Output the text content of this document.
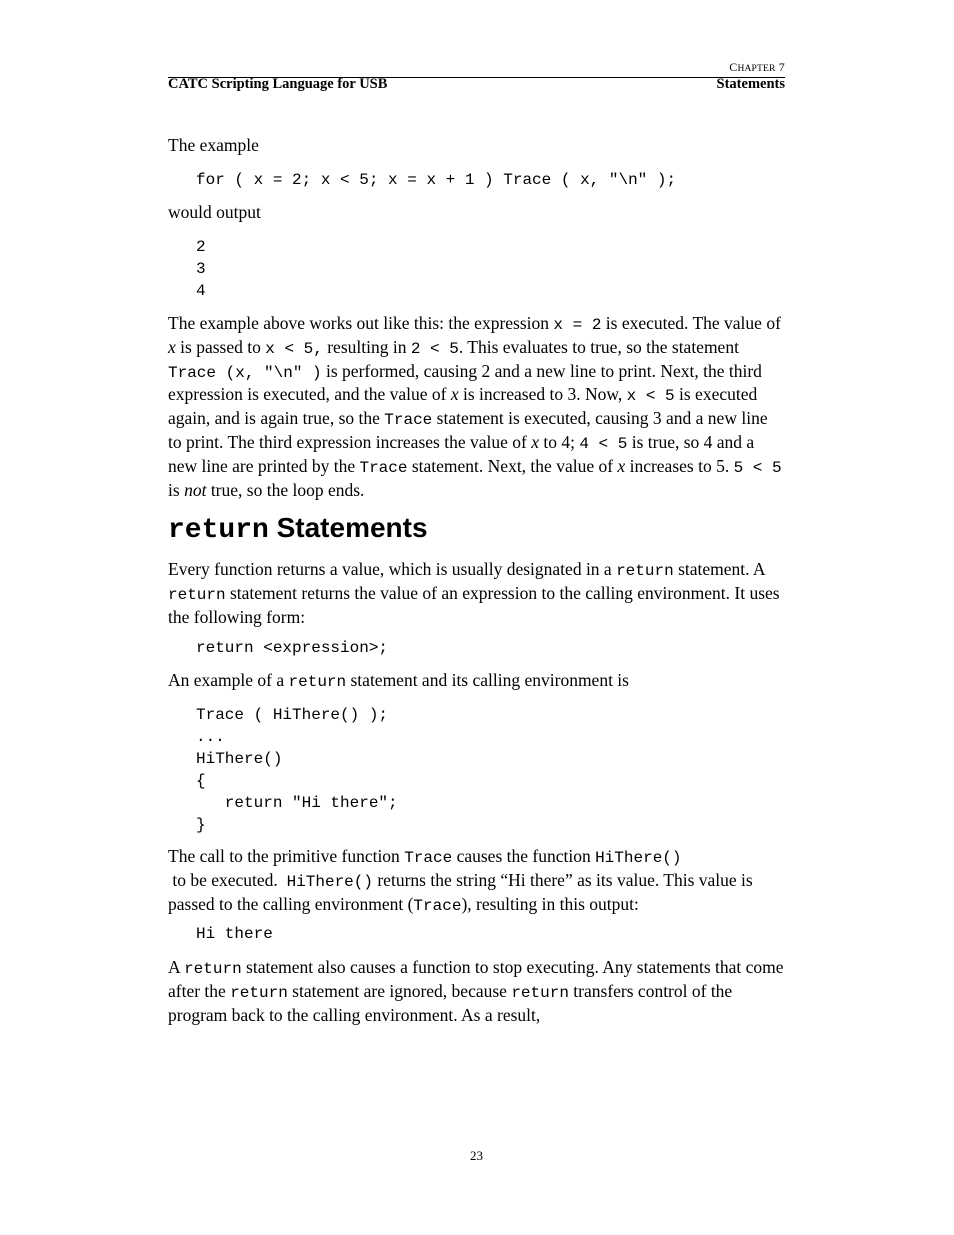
CHAPTER 7
CATC Scripting Language for USB	Statements
The example
for ( x = 2; x < 5; x = x + 1 ) Trace ( x, "\n" );
would output
2
3
4
The example above works out like this: the expression x = 2 is executed. The value of x is passed to x < 5, resulting in 2 < 5. This evaluates to true, so the statement Trace (x, "\n" ) is performed, causing 2 and a new line to print. Next, the third expression is executed, and the value of x is increased to 3. Now, x < 5 is executed again, and is again true, so the Trace statement is executed, causing 3 and a new line to print. The third expression increases the value of x to 4; 4 < 5 is true, so 4 and a new line are printed by the Trace statement. Next, the value of x increases to 5. 5 < 5 is not true, so the loop ends.
return Statements
Every function returns a value, which is usually designated in a return statement. A return statement returns the value of an expression to the calling environment. It uses the following form:
return <expression>;
An example of a return statement and its calling environment is
Trace ( HiThere() );
...
HiThere()
{
return "Hi there";
}
The call to the primitive function Trace causes the function HiThere() to be executed.  HiThere() returns the string “Hi there” as its value. This value is passed to the calling environment (Trace), resulting in this output:
Hi there
A return statement also causes a function to stop executing. Any statements that come after the return statement are ignored, because return transfers control of the program back to the calling environment. As a result,
23
